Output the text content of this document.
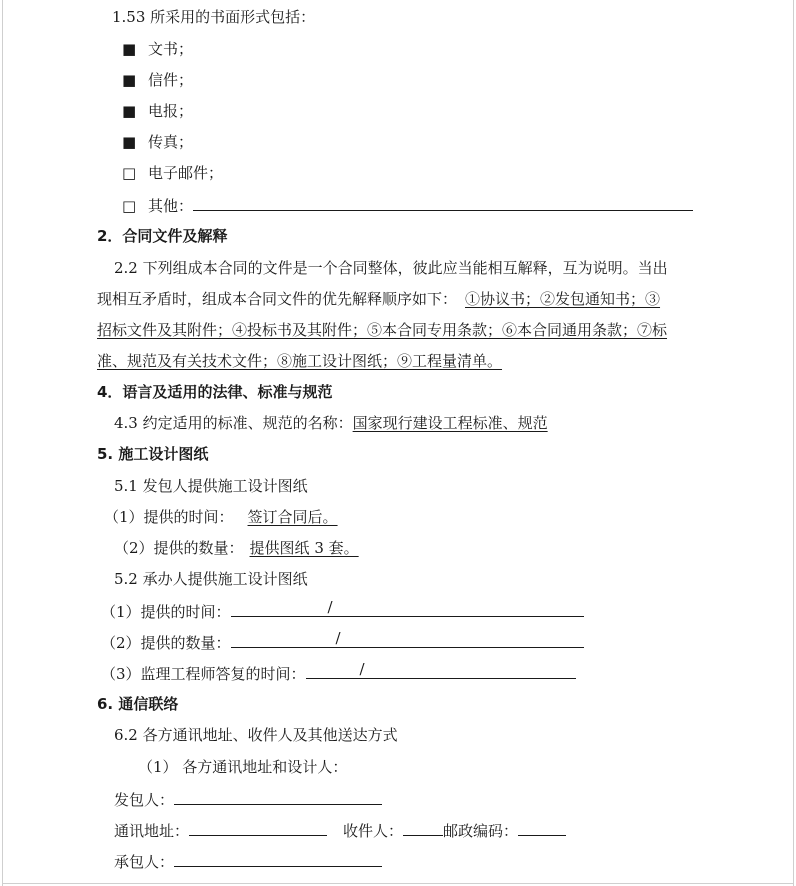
1.53 所采用的书面形式包括：
■ 文书；
■ 信件；
■ 电报；
■ 传真；
□ 电子邮件；
□ 其他：
2．合同文件及解释
2.2 下列组成本合同的文件是一个合同整体，彼此应当能相互解释，互为说明。当出
现相互矛盾时，组成本合同文件的优先解释顺序如下： ①协议书；②发包通知书；③
招标文件及其附件；④投标书及其附件；⑤本合同专用条款；⑥本合同通用条款；⑦标
准、规范及有关技术文件；⑧施工设计图纸；⑨工程量清单。
4．语言及适用的法律、标准与规范
4.3 约定适用的标准、规范的名称：国家现行建设工程标准、规范
5. 施工设计图纸
5.1 发包人提供施工设计图纸
（1）提供的时间： 签订合同后。
（2）提供的数量： 提供图纸 3 套。
5.2 承办人提供施工设计图纸
（1）提供的时间：	/
（2）提供的数量：	/
（3）监理工程师答复的时间：	/
6. 通信联络
6.2 各方通讯地址、收件人及其他送达方式
（1） 各方通讯地址和设计人：
发包人：
通讯地址：	收件人：	邮政编码：
承包人：
